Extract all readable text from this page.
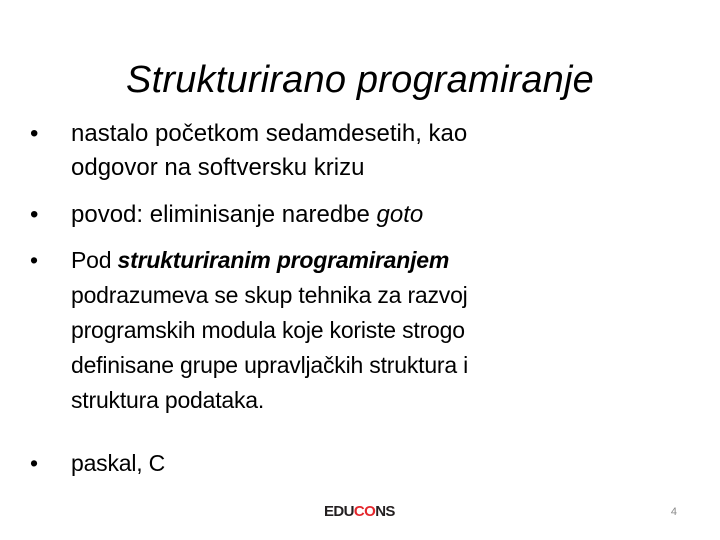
Strukturirano programiranje
• nastalo početkom sedamdesetih, kao
odgovor na softversku krizu
• povod: eliminisanje naredbe goto
• Pod strukturiranim programiranjem
podrazumeva se skup tehnika za razvoj
programskih modula koje koriste strogo
definisane grupe upravljačkih struktura i
struktura podataka.
• paskal, C
EDUCONS	4
